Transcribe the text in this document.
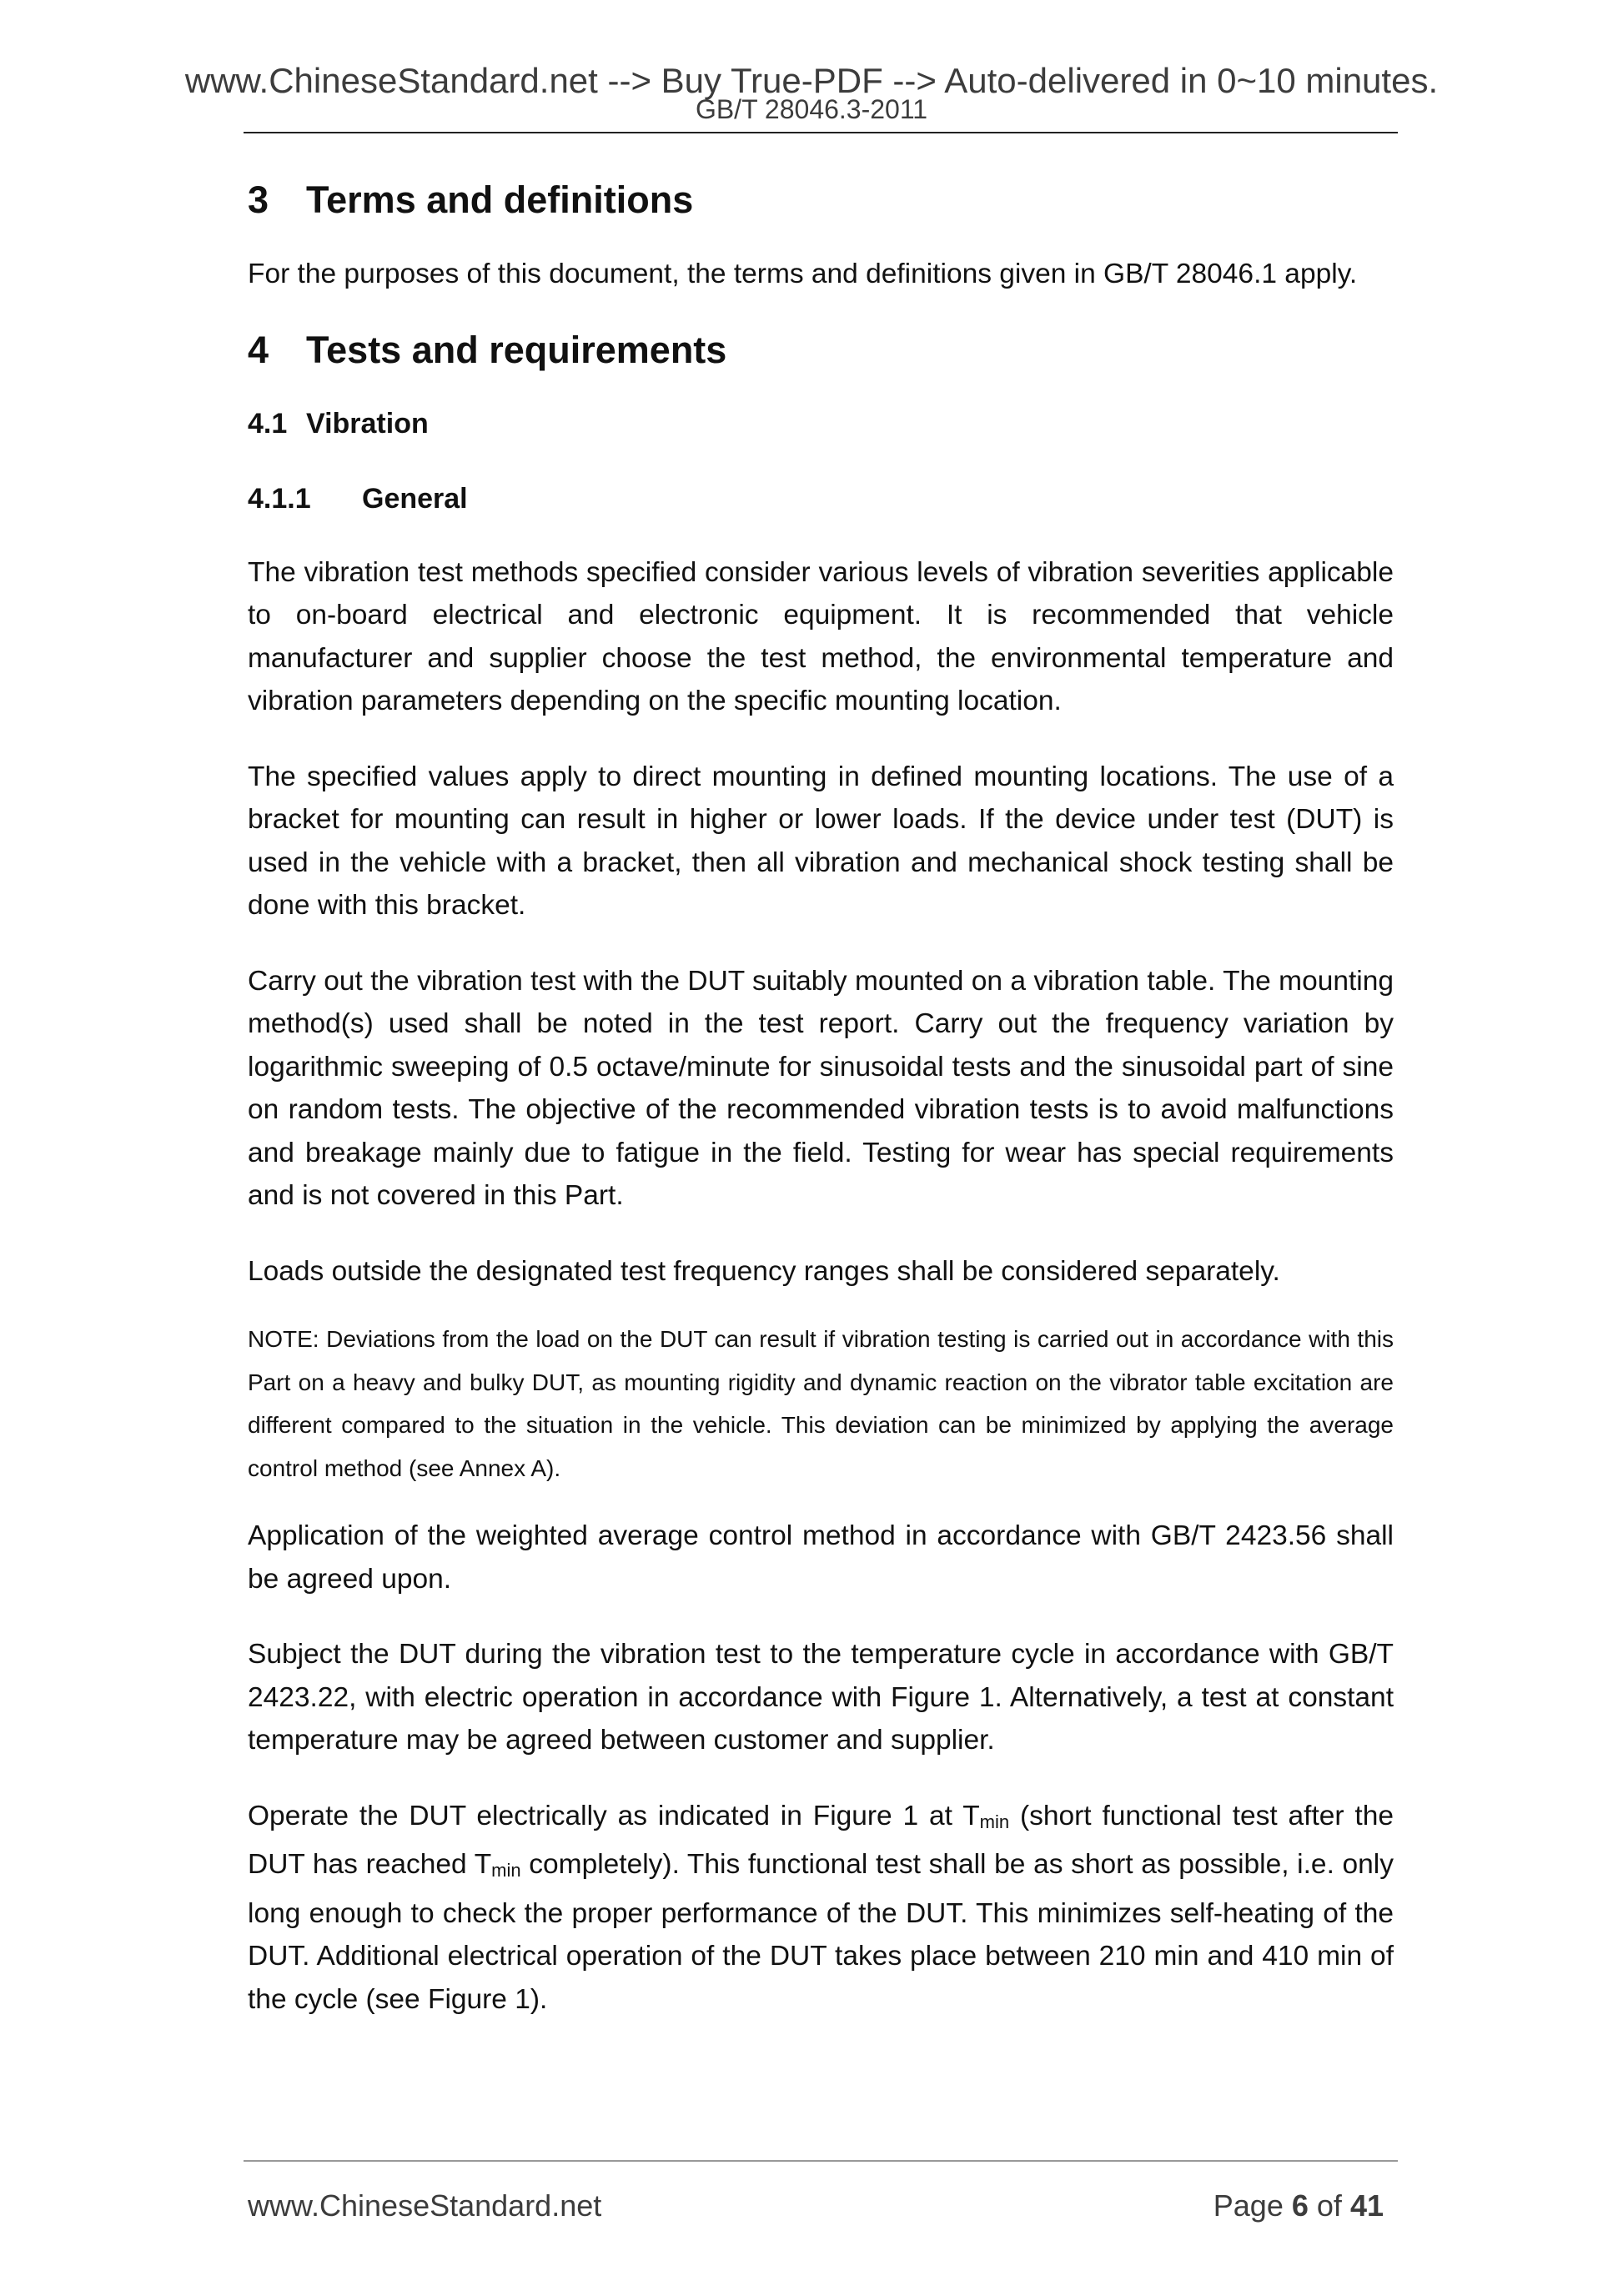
www.ChineseStandard.net --> Buy True-PDF --> Auto-delivered in 0~10 minutes.
GB/T 28046.3-2011
3 Terms and definitions

For the purposes of this document, the terms and definitions given in GB/T 28046.1 apply.

4 Tests and requirements
4.1 Vibration
4.1.1 General

The vibration test methods specified consider various levels of vibration severities applicable to on-board electrical and electronic equipment. It is recommended that vehicle manufacturer and supplier choose the test method, the environmental temperature and vibration parameters depending on the specific mounting location.

The specified values apply to direct mounting in defined mounting locations. The use of a bracket for mounting can result in higher or lower loads. If the device under test (DUT) is used in the vehicle with a bracket, then all vibration and mechanical shock testing shall be done with this bracket.

Carry out the vibration test with the DUT suitably mounted on a vibration table. The mounting method(s) used shall be noted in the test report. Carry out the frequency variation by logarithmic sweeping of 0.5 octave/minute for sinusoidal tests and the sinusoidal part of sine on random tests. The objective of the recommended vibration tests is to avoid malfunctions and breakage mainly due to fatigue in the field. Testing for wear has special requirements and is not covered in this Part.

Loads outside the designated test frequency ranges shall be considered separately.

NOTE: Deviations from the load on the DUT can result if vibration testing is carried out in accordance with this Part on a heavy and bulky DUT, as mounting rigidity and dynamic reaction on the vibrator table excitation are different compared to the situation in the vehicle. This deviation can be minimized by applying the average control method (see Annex A).

Application of the weighted average control method in accordance with GB/T 2423.56 shall be agreed upon.

Subject the DUT during the vibration test to the temperature cycle in accordance with GB/T 2423.22, with electric operation in accordance with Figure 1. Alternatively, a test at constant temperature may be agreed between customer and supplier.

Operate the DUT electrically as indicated in Figure 1 at $T_{min}$ (short functional test after the DUT has reached $T_{min}$ completely). This functional test shall be as short as possible, i.e. only long enough to check the proper performance of the DUT. This minimizes self-heating of the DUT. Additional electrical operation of the DUT takes place between 210 min and 410 min of the cycle (see Figure 1).

www.ChineseStandard.net	Page 6 of 41
